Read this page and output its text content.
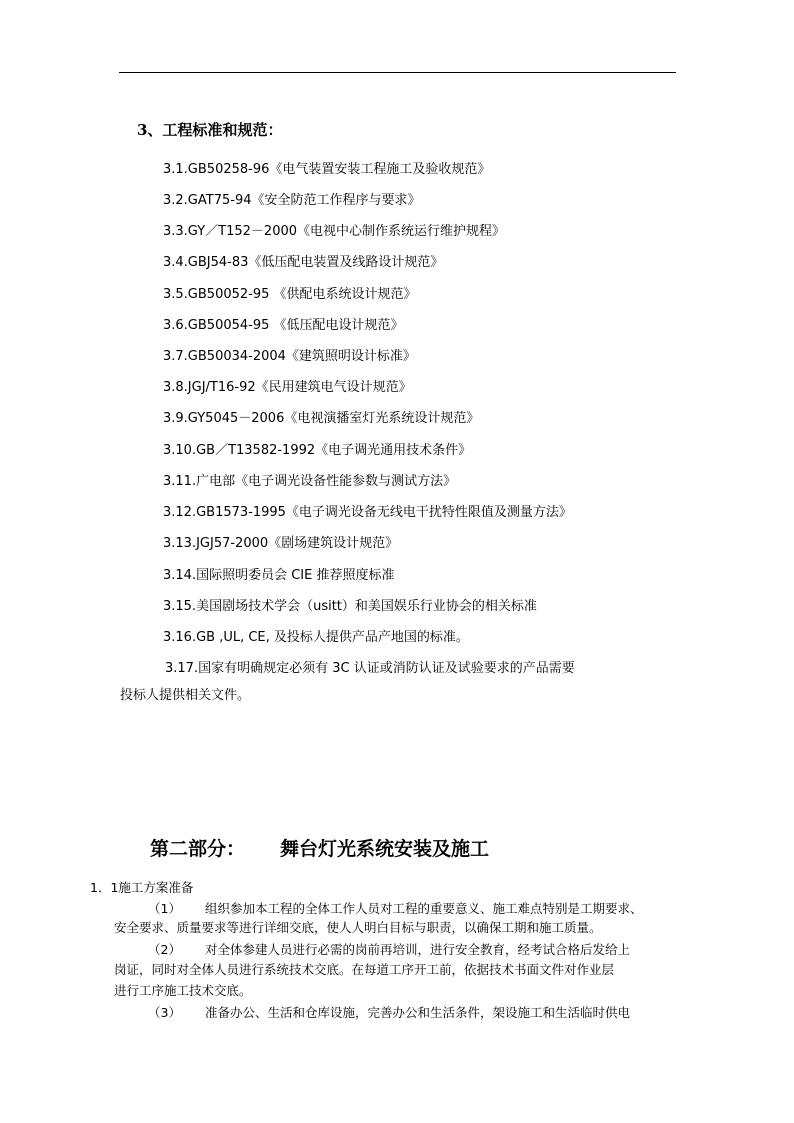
3、工程标准和规范：
3.1.GB50258-96《电气装置安装工程施工及验收规范》
3.2.GAT75-94《安全防范工作程序与要求》
3.3.GY／T152－2000《电视中心制作系统运行维护规程》
3.4.GBJ54-83《低压配电装置及线路设计规范》
3.5.GB50052-95 《供配电系统设计规范》
3.6.GB50054-95 《低压配电设计规范》
3.7.GB50034-2004《建筑照明设计标准》
3.8.JGJ/T16-92《民用建筑电气设计规范》
3.9.GY5045－2006《电视演播室灯光系统设计规范》
3.10.GB／T13582-1992《电子调光通用技术条件》
3.11.广电部《电子调光设备性能参数与测试方法》
3.12.GB1573-1995《电子调光设备无线电干扰特性限值及测量方法》
3.13.JGJ57-2000《剧场建筑设计规范》
3.14.国际照明委员会 CIE 推荐照度标准
3.15.美国剧场技术学会（usitt）和美国娱乐行业协会的相关标准
3.16.GB ,UL, CE, 及投标人提供产品产地国的标准。
3.17.国家有明确规定必须有 3C 认证或消防认证及试验要求的产品需要
投标人提供相关文件。
第二部分： 舞台灯光系统安装及施工
1．1施工方案准备
（1） 组织参加本工程的全体工作人员对工程的重要意义、施工难点特别是工期要求、
安全要求、质量要求等进行详细交底，使人人明白目标与职责，以确保工期和施工质量。
（2） 对全体参建人员进行必需的岗前再培训，进行安全教育，经考试合格后发给上
岗证，同时对全体人员进行系统技术交底。在每道工序开工前，依据技术书面文件对作业层
进行工序施工技术交底。
（3） 准备办公、生活和仓库设施，完善办公和生活条件，架设施工和生活临时供电
